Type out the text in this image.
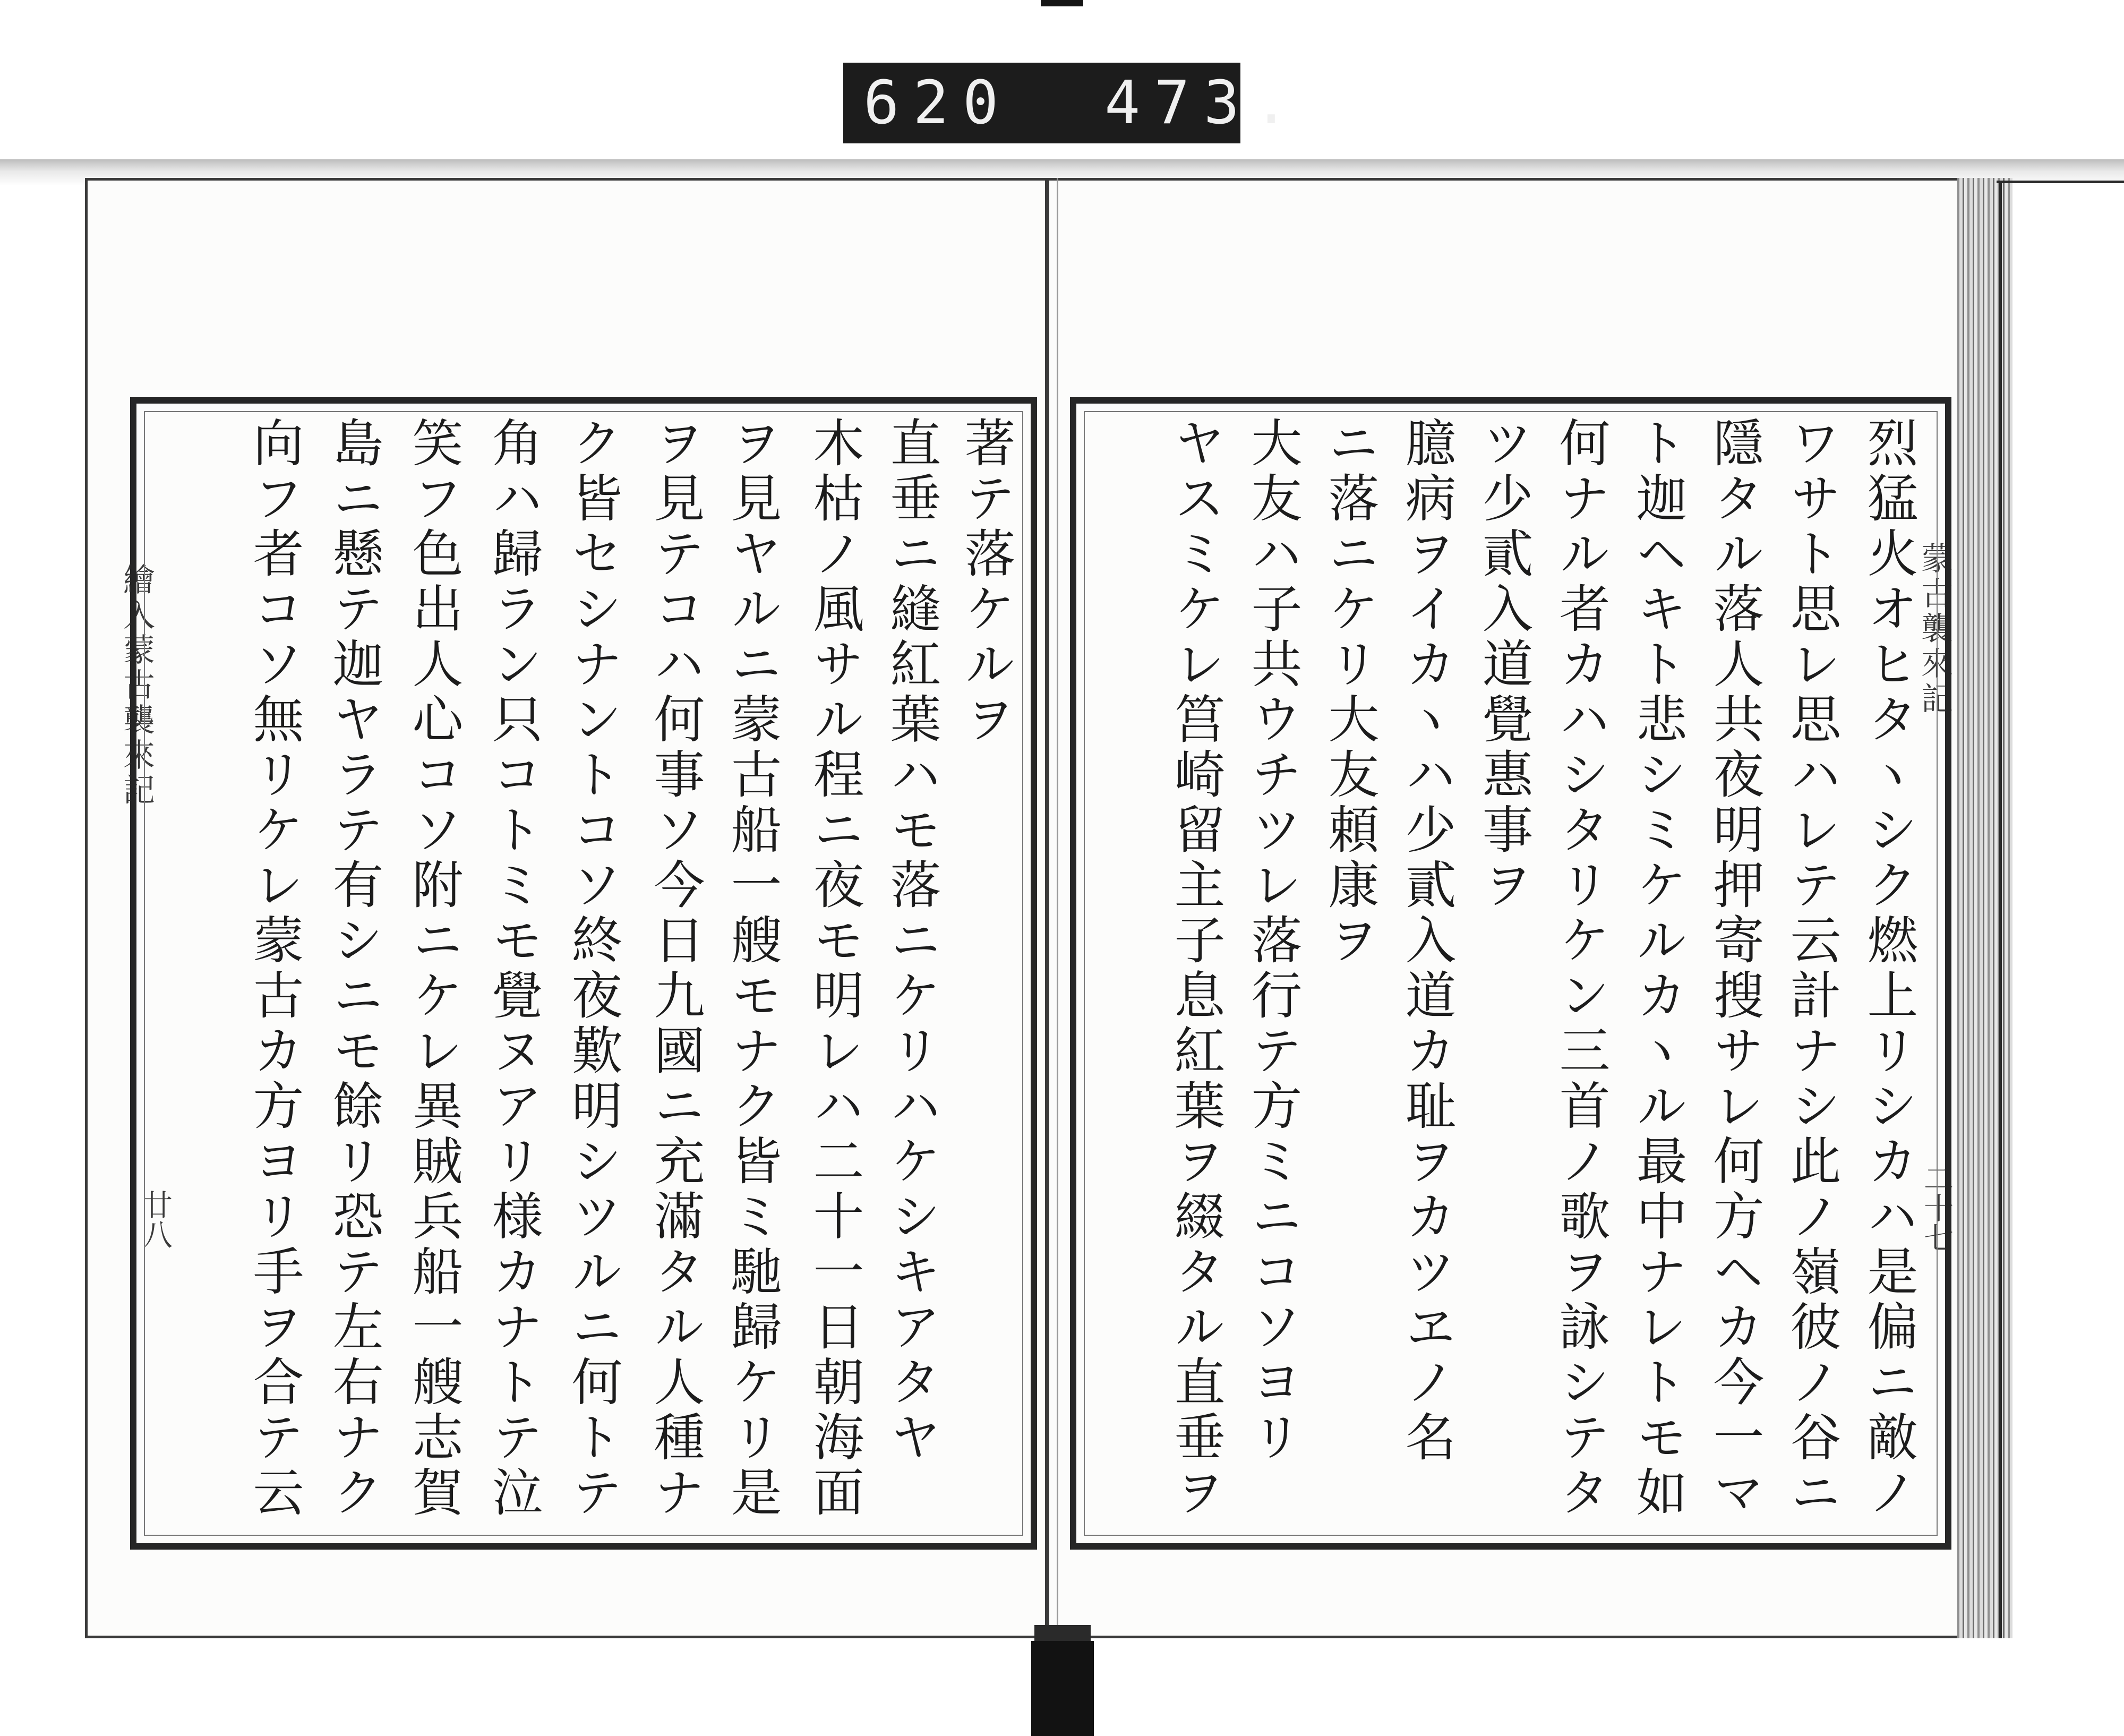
620 473.
繪入蒙古襲來記
廿八
著テ落ケルヲ
直垂ニ縫紅葉ハモ落ニケリハケシキアタヤ
木枯ノ風サル程ニ夜モ明レハ二十一日朝海面
ヲ見ヤルニ蒙古船一艘モナク皆ミ馳歸ケリ是
ヲ見テコハ何事ソ今日九國ニ充滿タル人種ナ
ク皆セシナントコソ終夜歎明シツルニ何トテ
角ハ歸ラン只コトミモ覺ヌアリ様カナトテ泣
笑フ色出人心コソ附ニケレ異賊兵船一艘志賀
島ニ懸テ迦ヤラテ有シニモ餘リ恐テ左右ナク
向フ者コソ無リケレ蒙古カ方ヨリ手ヲ合テ云	蒙古襲來記
二十七
烈猛火オヒタヽシク燃上リシカハ是偏ニ敵ノ
ワサト思レ思ハレテ云計ナシ此ノ嶺彼ノ谷ニ
隱タル落人共夜明押寄搜サレ何方ヘカ今一マ
ト迦ヘキト悲シミケルカヽル最中ナレトモ如
何ナル者カハシタリケン三首ノ歌ヲ詠シテタ
ツ少貳入道覺惠事ヲ
臆病ヲイカヽハ少貳入道カ耻ヲカツヱノ名
ニ落ニケリ大友頼康ヲ
大友ハ子共ウチツレ落行テ方ミニコソヨリ
ヤスミケレ筥崎留主子息紅葉ヲ綴タル直垂ヲ
